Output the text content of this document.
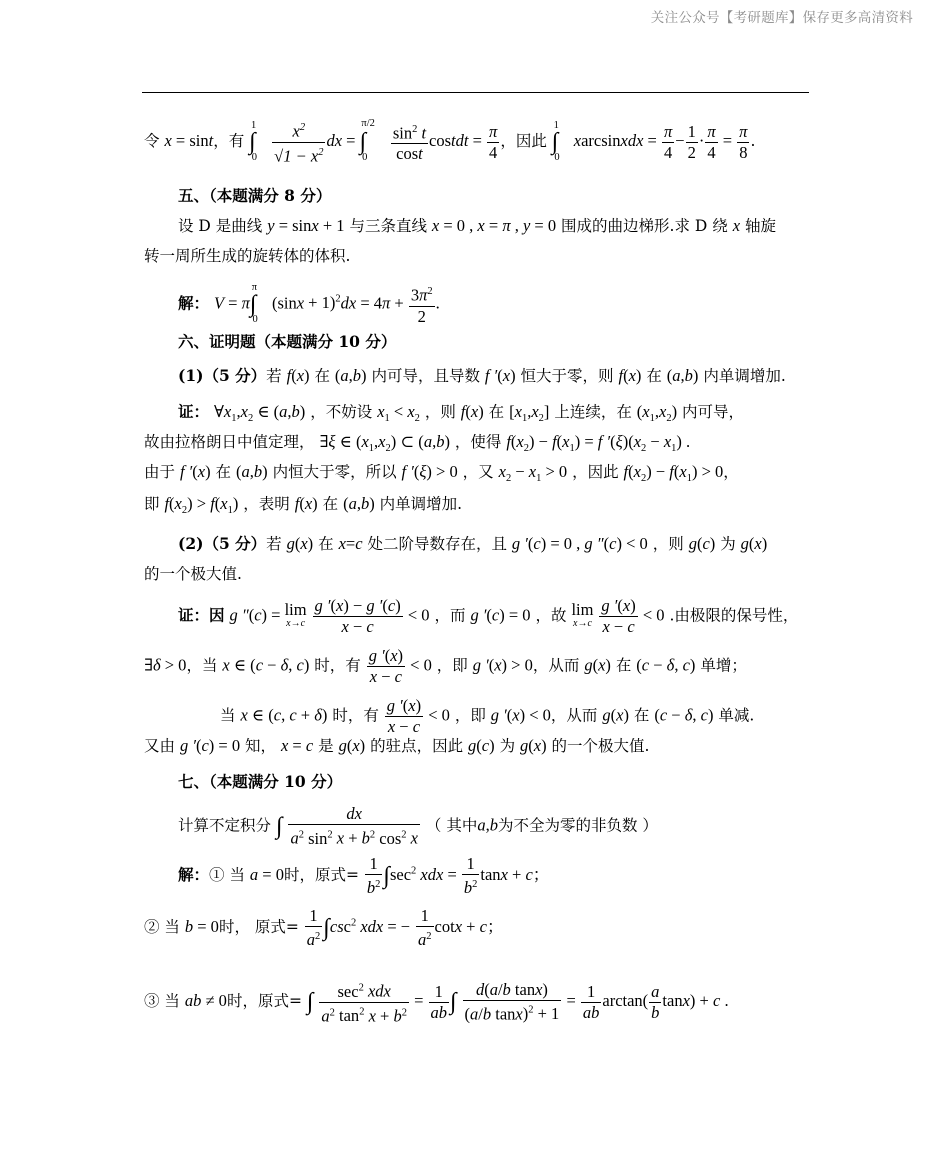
关注公众号【考研题库】保存更多高清资料
令 x = sint，有 $\int_0^1 \frac{x^2}{√1 - x^2}$ dx = $\int_0^{\pi/2} \frac{\sin^2 t}{\cos t}$ costdt = $\frac{\pi}{4}$ ，因此 $\int_0^1$ xarcsinxdx = $\frac{\pi}{4} - \frac{1}{2} \cdot \frac{\pi}{4} = \frac{\pi}{8}$ .
五、（本题满分 8 分）
设 D 是曲线 y = sinx + 1 与三条直线 x = 0 , x = π , y = 0 围成的曲边梯形.求 D 绕 x 轴旋
转一周所生成的旋转体的体积.
解： $V = \pi\int_0^\pi$ $(\sin x + 1)^2dx = 4\pi + \frac{3\pi^2}{2}$ .
六、证明题（本题满分 10 分）
(1)（5 分）若 f(x) 在 (a,b) 内可导，且导数 f ′(x) 恒大于零，则 f(x) 在 (a,b) 内单调增加.
证： $\forall x_1,x_2$ ∈ (a,b) ，不妨设 $x_1 < x_2$ ，则 f(x) 在 $[x_1,x_2]$ 上连续，在 $(x_1,x_2)$ 内可导，
故由拉格朗日中值定理， ∃ξ ∈ $(x_1,x_2)$ ⊂ (a,b) ，使得 $f(x_2) - f(x_1) = f$ $'(\xi)(x_2 - x_1)$ .
由于 f ′(x) 在 (a,b) 内恒大于零，所以 f ′(ξ) > 0 ，又 $x_2 - x_1 > 0$ ，因此 $f(x_2) - f(x_1) > 0$，
即 $f(x_2) > f(x_1)$ ，表明 f(x) 在 (a,b) 内单调增加.
(2)（5 分）若 g(x) 在 x=c 处二阶导数存在，且 g ′(c) = 0 , g ″(c) < 0 ，则 g(c) 为 g(x)
的一个极大值.
证：因 g ″(c) = lim
x→c
$\frac{g '(x) - g '(c)}{x - c} < 0$ ，而 g ′(c) = 0 ，故 lim
x→c
$\frac{g '(x)}{x - c} < 0$ .由极限的保号性，
∃δ > 0，当 x ∈ (c − δ, c) 时，有 $\frac{g '(x)}{x - c} < 0$ ，即 g ′(x) > 0，从而 g(x) 在 (c − δ, c) 单增；
当 x ∈ (c, c + δ) 时，有 $\frac{g '(x)}{x - c} < 0$ ，即 g ′(x) < 0，从而 g(x) 在 (c − δ, c) 单减.
又由 g ′(c) = 0 知， x = c 是 g(x) 的驻点，因此 g(c) 为 g(x) 的一个极大值.
七、（本题满分 10 分）
计算不定积分 ∫ $\frac{dx}{a^2 \sin^2 x + b^2 \cos^2 x}$ （ 其中a,b为不全为零的非负数 ）
解：① 当 a = 0时，原式= $\frac{1}{b^2} \int\sec^2$ xdx = $\frac{1}{b^2}$ tanx + c；
② 当 b = 0时， 原式= $\frac{1}{a^2} \int\csc^2$ xdx = − $\frac{1}{a^2}$ cotx + c；
③ 当 ab ≠ 0时，原式= ∫	$\sec^2$ xdx
$a^2$ $\tan^2 x + b^2$
= $\frac{1}{ab}$ ∫ $\frac{\text{d(a/b tanx)}}{(a/b \tan x)^2 + 1} = \frac{1}{ab} \arctan( \frac{a}{b} \tan x) + c$ .
